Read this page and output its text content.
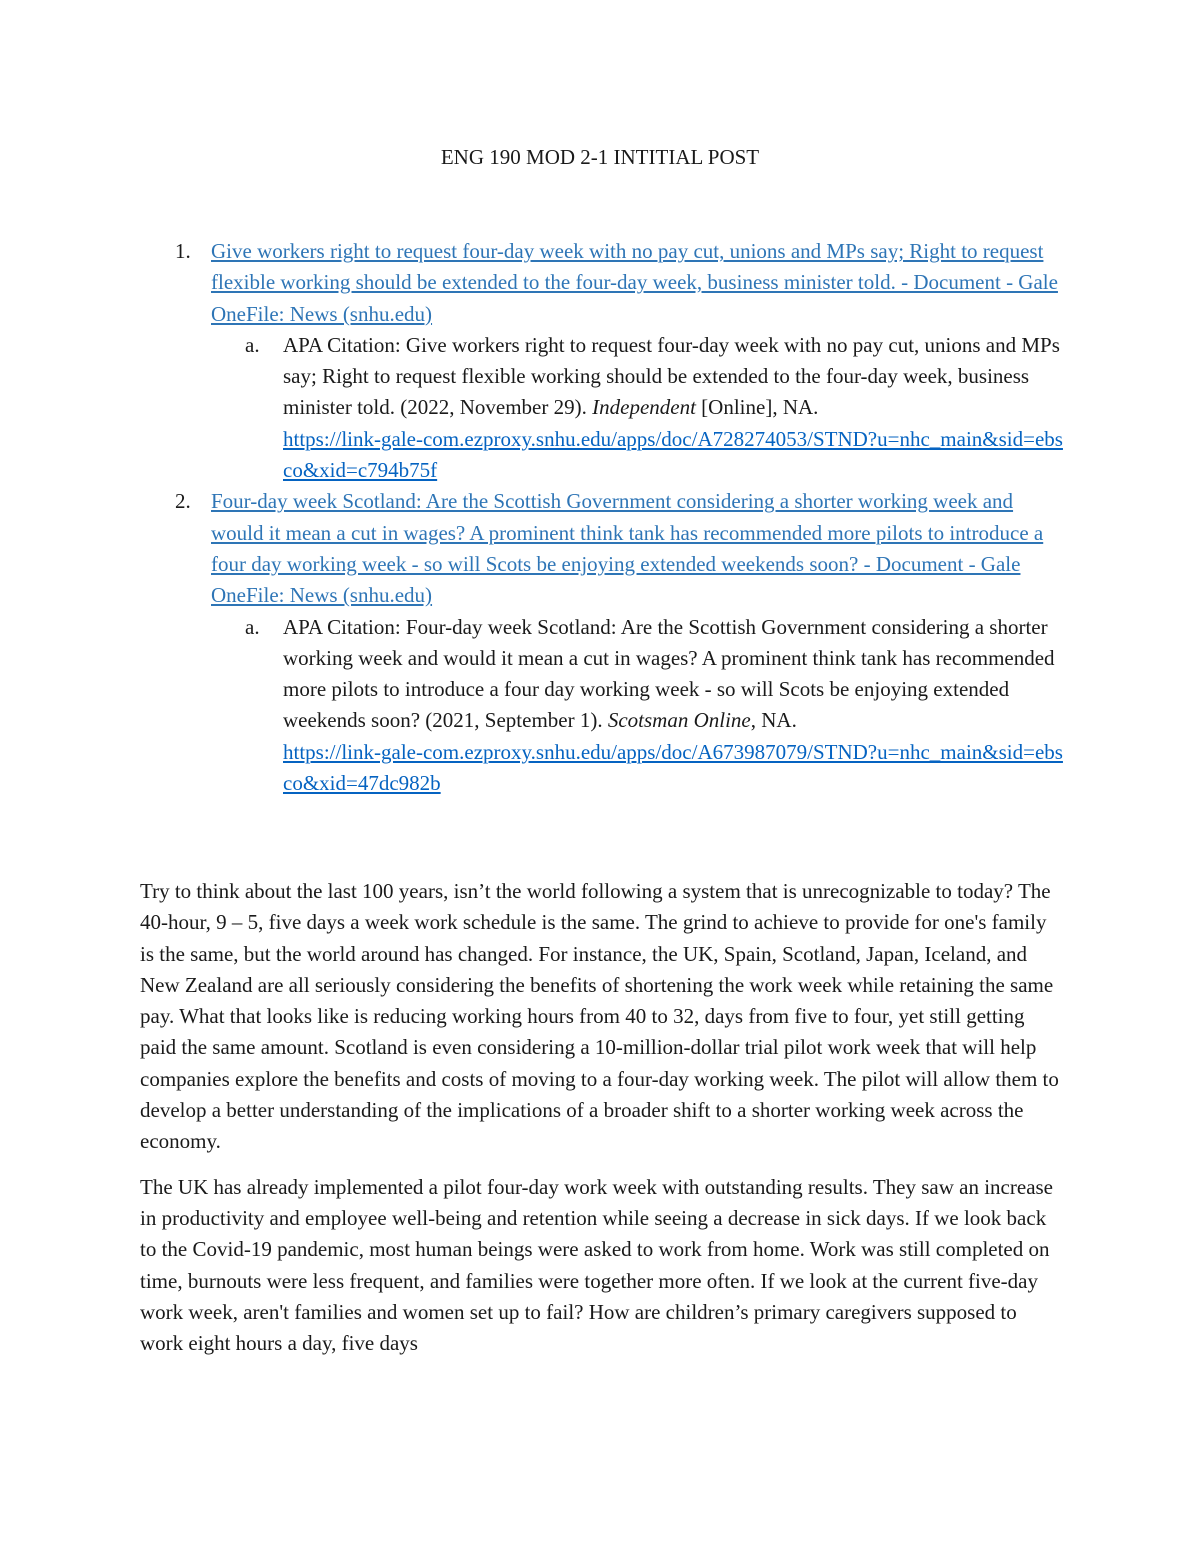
ENG 190 MOD 2-1 INTITIAL POST
1. Give workers right to request four-day week with no pay cut, unions and MPs say; Right to request flexible working should be extended to the four-day week, business minister told. - Document - Gale OneFile: News (snhu.edu)
a.	APA Citation: Give workers right to request four-day week with no pay cut, unions and MPs say; Right to request flexible working should be extended to the four-day week, business minister told. (2022, November 29). Independent [Online], NA.
https://link-gale-com.ezproxy.snhu.edu/apps/doc/A728274053/STND?u=nhc_main&sid=ebsco&xid=c794b75f
2. Four-day week Scotland: Are the Scottish Government considering a shorter working week and would it mean a cut in wages? A prominent think tank has recommended more pilots to introduce a four day working week - so will Scots be enjoying extended weekends soon? - Document - Gale OneFile: News (snhu.edu)
a.	APA Citation: Four-day week Scotland: Are the Scottish Government considering a shorter working week and would it mean a cut in wages? A prominent think tank has recommended more pilots to introduce a four day working week - so will Scots be enjoying extended weekends soon? (2021, September 1). Scotsman Online, NA.
https://link-gale-com.ezproxy.snhu.edu/apps/doc/A673987079/STND?u=nhc_main&sid=ebsco&xid=47dc982b

Try to think about the last 100 years, isn’t the world following a system that is unrecognizable to today? The 40-hour, 9 – 5, five days a week work schedule is the same. The grind to achieve to provide for one's family is the same, but the world around has changed. For instance, the UK, Spain, Scotland, Japan, Iceland, and New Zealand are all seriously considering the benefits of shortening the work week while retaining the same pay. What that looks like is reducing working hours from 40 to 32, days from five to four, yet still getting paid the same amount. Scotland is even considering a 10-million-dollar trial pilot work week that will help companies explore the benefits and costs of moving to a four-day working week. The pilot will allow them to develop a better understanding of the implications of a broader shift to a shorter working week across the economy.

The UK has already implemented a pilot four-day work week with outstanding results. They saw an increase in productivity and employee well-being and retention while seeing a decrease in sick days. If we look back to the Covid-19 pandemic, most human beings were asked to work from home. Work was still completed on time, burnouts were less frequent, and families were together more often. If we look at the current five-day work week, aren't families and women set up to fail? How are children’s primary caregivers supposed to work eight hours a day, five days
